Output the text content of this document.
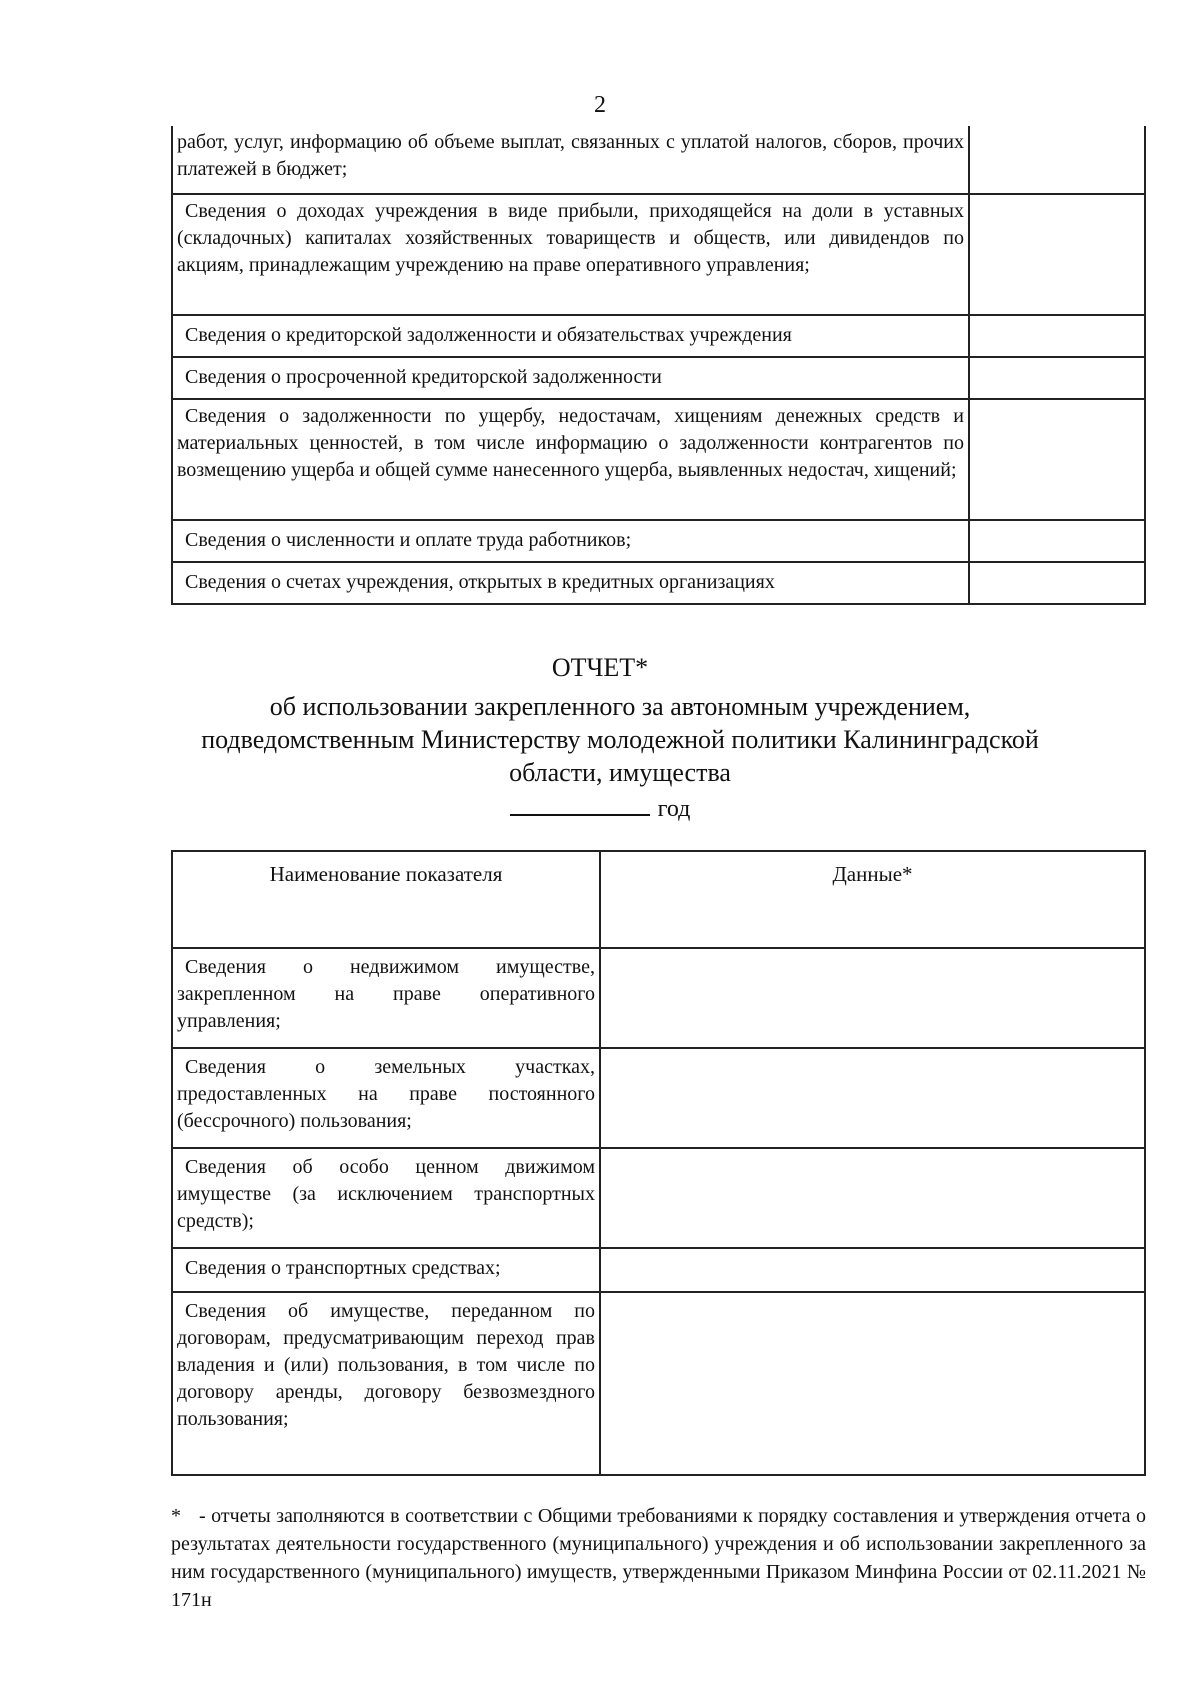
2
работ, услуг, информацию об объеме выплат, связанных с уплатой налогов, сборов, прочих платежей в бюджет;	
Сведения о доходах учреждения в виде прибыли, приходящейся на доли в уставных (складочных) капиталах хозяйственных товариществ и обществ, или дивидендов по акциям, принадлежащим учреждению на праве оперативного управления;	
Сведения о кредиторской задолженности и обязательствах учреждения	
Сведения о просроченной кредиторской задолженности	
Сведения о задолженности по ущербу, недостачам, хищениям денежных средств и материальных ценностей, в том числе информацию о задолженности контрагентов по возмещению ущерба и общей сумме нанесенного ущерба, выявленных недостач, хищений;	
Сведения о численности и оплате труда работников;	
Сведения о счетах учреждения, открытых в кредитных организациях	
ОТЧЕТ*
об использовании закрепленного за автономным учреждением, подведомственным Министерству молодежной политики Калининградской области, имущества
год
Наименование показателя	Данные*
Сведения о недвижимом имуществе, закрепленном на праве оперативного управления;	
Сведения о земельных участках, предоставленных на праве постоянного (бессрочного) пользования;	
Сведения об особо ценном движимом имуществе (за исключением транспортных средств);	
Сведения о транспортных средствах;	
Сведения об имуществе, переданном по договорам, предусматривающим переход прав владения и (или) пользования, в том числе по договору аренды, договору безвозмездного пользования;	
* - отчеты заполняются в соответствии с Общими требованиями к порядку составления и утверждения отчета о результатах деятельности государственного (муниципального) учреждения и об использовании закрепленного за ним государственного (муниципального) имуществ, утвержденными Приказом Минфина России от 02.11.2021 № 171н
